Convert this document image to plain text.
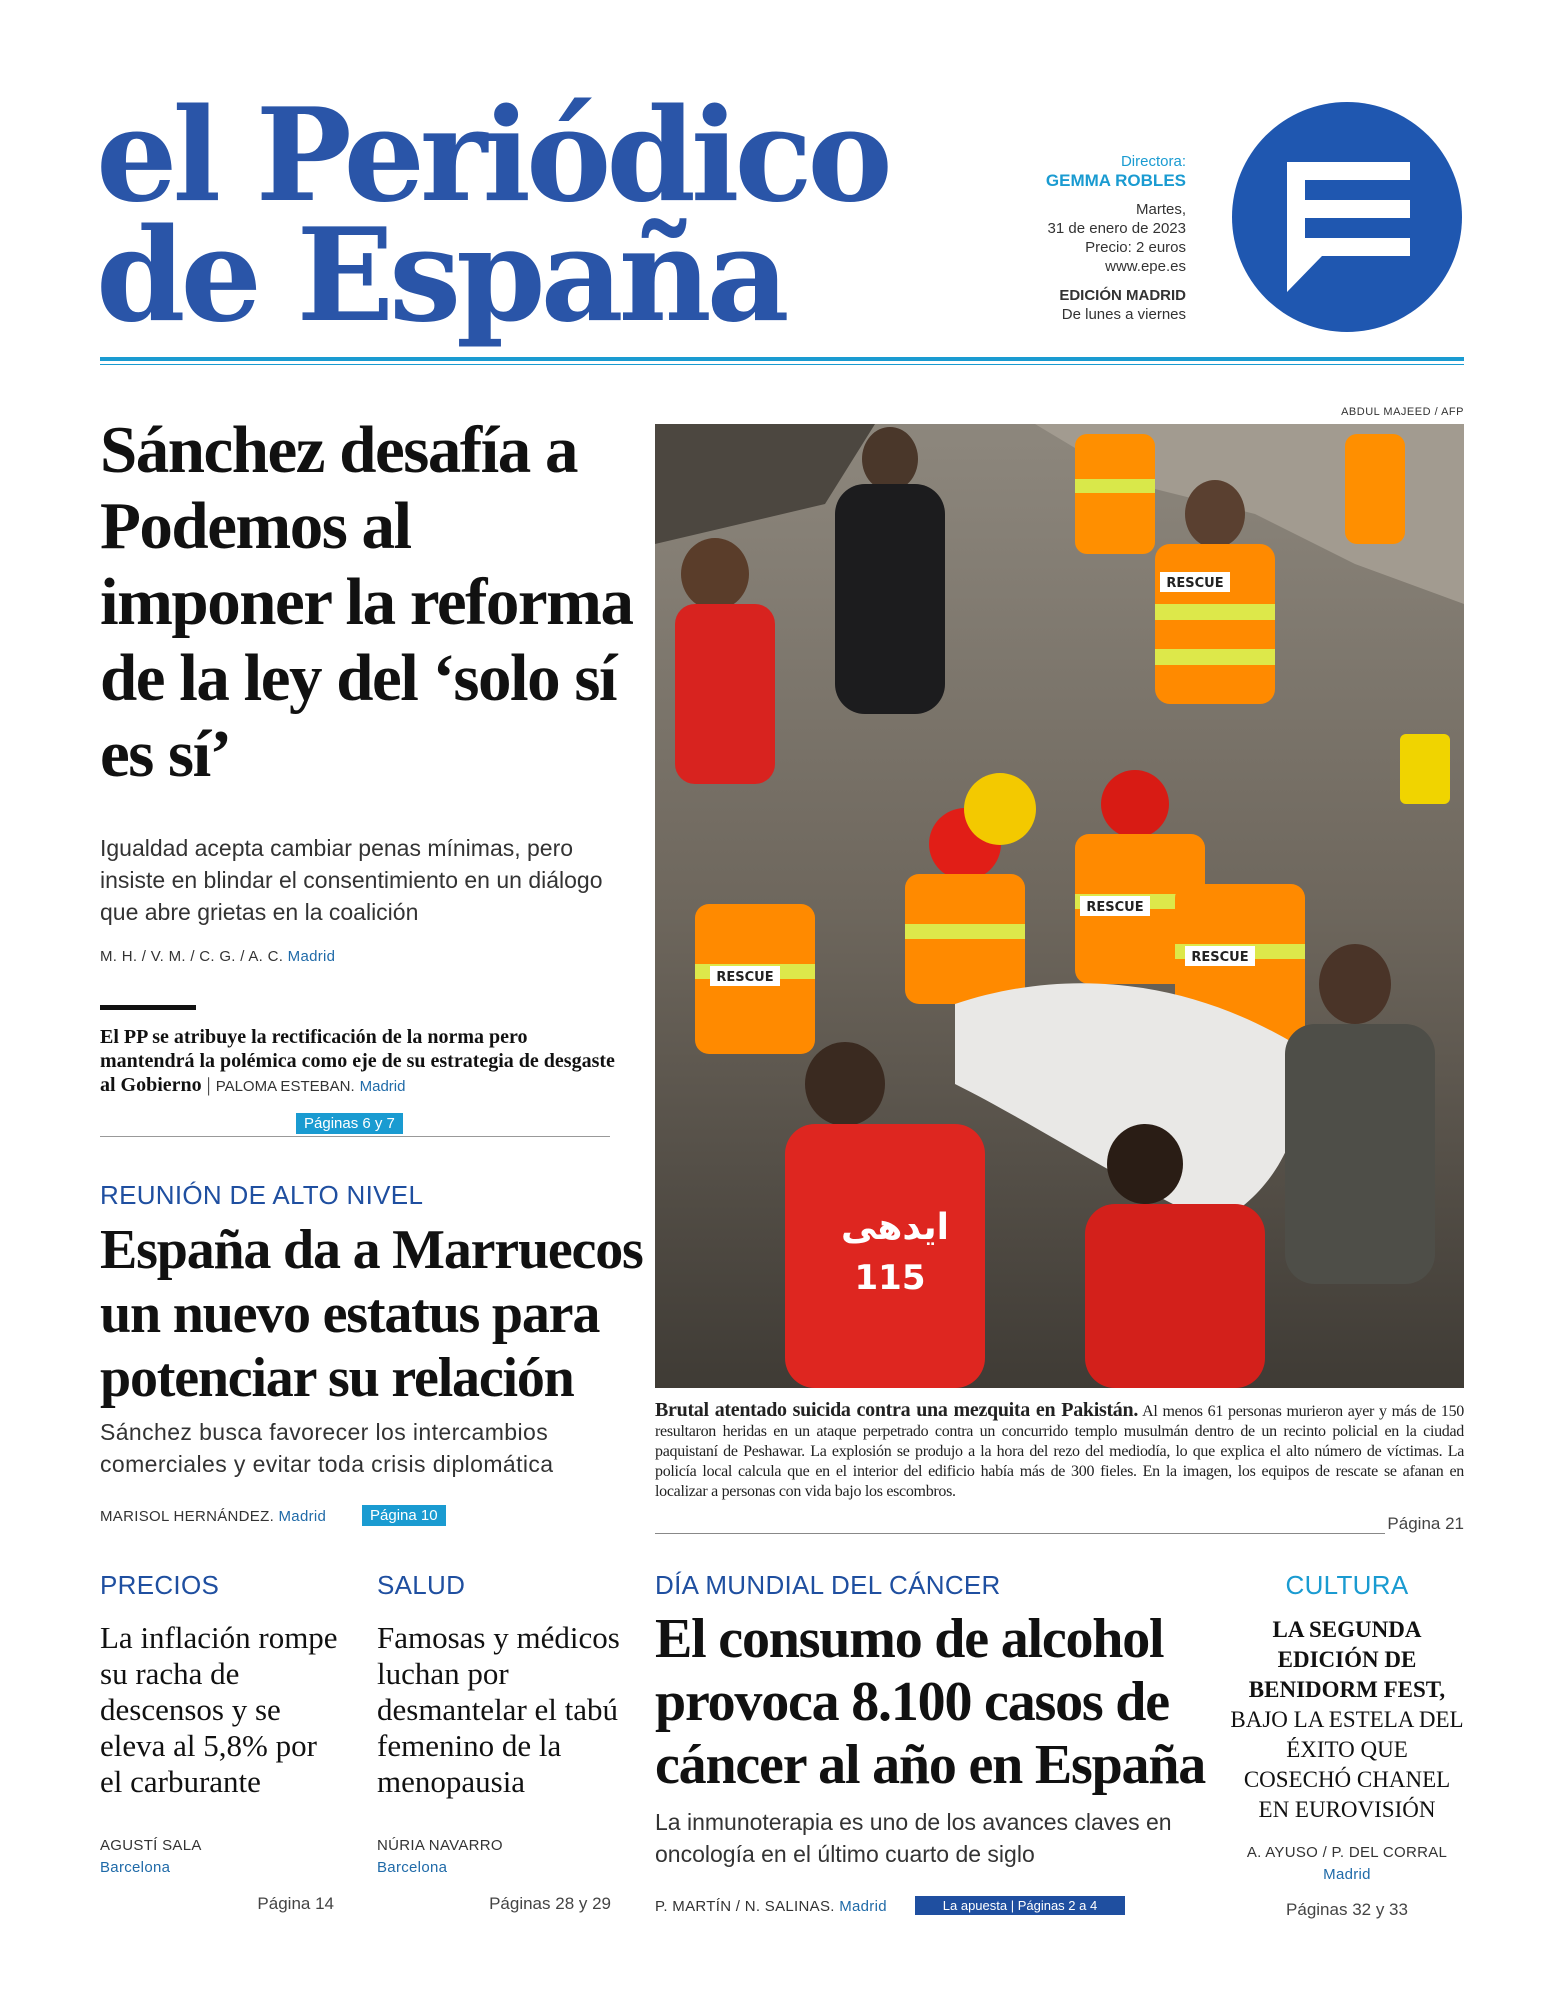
el Periódico
de España
Directora:
GEMMA ROBLES
Martes,
31 de enero de 2023
Precio: 2 euros
www.epe.es
EDICIÓN MADRID
De lunes a viernes
Sánchez desafía a Podemos al imponer la reforma de la ley del ‘solo sí es sí’
Igualdad acepta cambiar penas mínimas, pero insiste en blindar el consentimiento en un diálogo que abre grietas en la coalición
M. H. / V. M. / C. G. / A. C. Madrid
El PP se atribuye la rectificación de la norma pero mantendrá la polémica como eje de su estrategia de desgaste al Gobierno | PALOMA ESTEBAN. Madrid
Páginas 6 y 7
REUNIÓN DE ALTO NIVEL
España da a Marruecos un nuevo estatus para potenciar su relación
Sánchez busca favorecer los intercambios comerciales y evitar toda crisis diplomática
MARISOL HERNÁNDEZ. Madrid	Página 10
ABDUL MAJEED / AFP
RESCUE
RESCUE
RESCUE
RESCUE
ایدھی
115
Brutal atentado suicida contra una mezquita en Pakistán. Al menos 61 personas murieron ayer y más de 150 resultaron heridas en un ataque perpetrado contra un concurrido templo musulmán dentro de un recinto policial en la ciudad paquistaní de Peshawar. La explosión se produjo a la hora del rezo del mediodía, lo que explica el alto número de víctimas. La policía local calcula que en el interior del edificio había más de 300 fieles. En la imagen, los equipos de rescate se afanan en localizar a personas con vida bajo los escombros.
Página 21
PRECIOS
La inflación rompe su racha de descensos y se eleva al 5,8% por el carburante
AGUSTÍ SALA
Barcelona
Página 14
SALUD
Famosas y médicos luchan por desmantelar el tabú femenino de la menopausia
NÚRIA NAVARRO
Barcelona
Páginas 28 y 29
DÍA MUNDIAL DEL CÁNCER
El consumo de alcohol provoca 8.100 casos de cáncer al año en España
La inmunoterapia es uno de los avances claves en oncología en el último cuarto de siglo
P. MARTÍN / N. SALINAS. Madrid	La apuesta | Páginas 2 a 4
CULTURA
LA SEGUNDA EDICIÓN DE BENIDORM FEST, BAJO LA ESTELA DEL ÉXITO QUE COSECHÓ CHANEL EN EUROVISIÓN
A. AYUSO / P. DEL CORRAL
Madrid
Páginas 32 y 33
